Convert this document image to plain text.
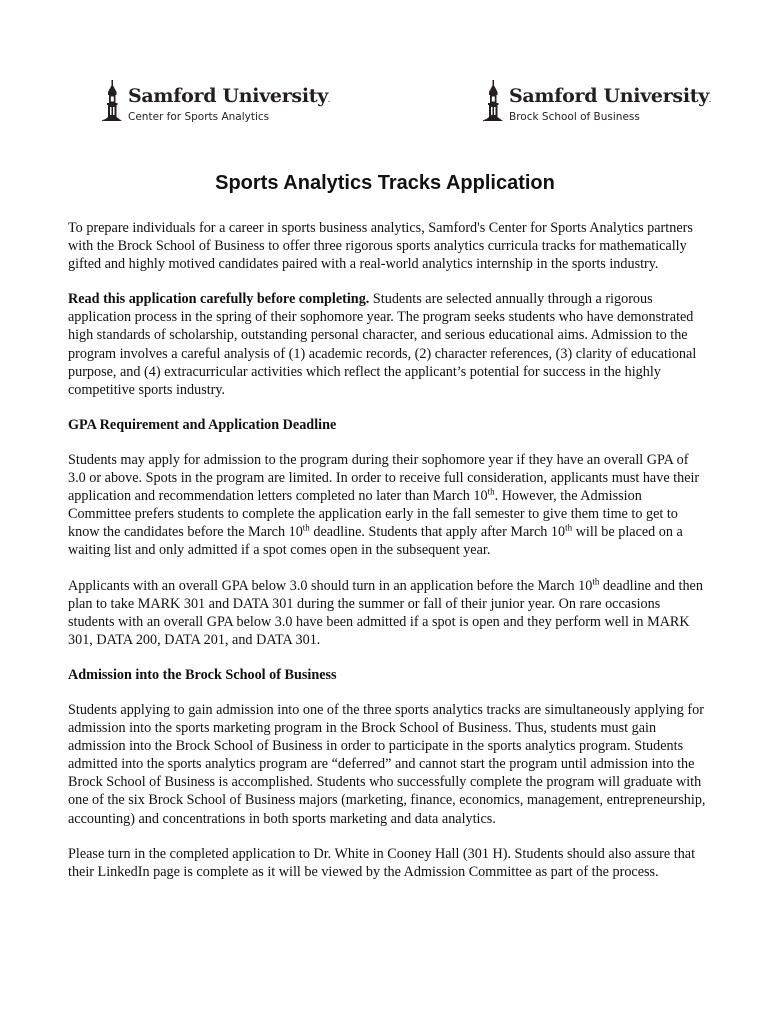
Samford University.
Center for Sports Analytics
Samford University.
Brock School of Business
Sports Analytics Tracks Application

To prepare individuals for a career in sports business analytics, Samford's Center for Sports Analytics partners with the Brock School of Business to offer three rigorous sports analytics curricula tracks for mathematically gifted and highly motived candidates paired with a real-world analytics internship in the sports industry.

Read this application carefully before completing. Students are selected annually through a rigorous application process in the spring of their sophomore year. The program seeks students who have demonstrated high standards of scholarship, outstanding personal character, and serious educational aims. Admission to the program involves a careful analysis of (1) academic records, (2) character references, (3) clarity of educational purpose, and (4) extracurricular activities which reflect the applicant’s potential for success in the highly competitive sports industry.

GPA Requirement and Application Deadline

Students may apply for admission to the program during their sophomore year if they have an overall GPA of 3.0 or above. Spots in the program are limited. In order to receive full consideration, applicants must have their application and recommendation letters completed no later than March 10th. However, the Admission Committee prefers students to complete the application early in the fall semester to give them time to get to know the candidates before the March 10th deadline. Students that apply after March 10th will be placed on a waiting list and only admitted if a spot comes open in the subsequent year.

Applicants with an overall GPA below 3.0 should turn in an application before the March 10th deadline and then plan to take MARK 301 and DATA 301 during the summer or fall of their junior year. On rare occasions students with an overall GPA below 3.0 have been admitted if a spot is open and they perform well in MARK 301, DATA 200, DATA 201, and DATA 301.

Admission into the Brock School of Business

Students applying to gain admission into one of the three sports analytics tracks are simultaneously applying for admission into the sports marketing program in the Brock School of Business. Thus, students must gain admission into the Brock School of Business in order to participate in the sports analytics program. Students admitted into the sports analytics program are “deferred” and cannot start the program until admission into the Brock School of Business is accomplished. Students who successfully complete the program will graduate with one of the six Brock School of Business majors (marketing, finance, economics, management, entrepreneurship, accounting) and concentrations in both sports marketing and data analytics.

Please turn in the completed application to Dr. White in Cooney Hall (301 H). Students should also assure that their LinkedIn page is complete as it will be viewed by the Admission Committee as part of the process.
